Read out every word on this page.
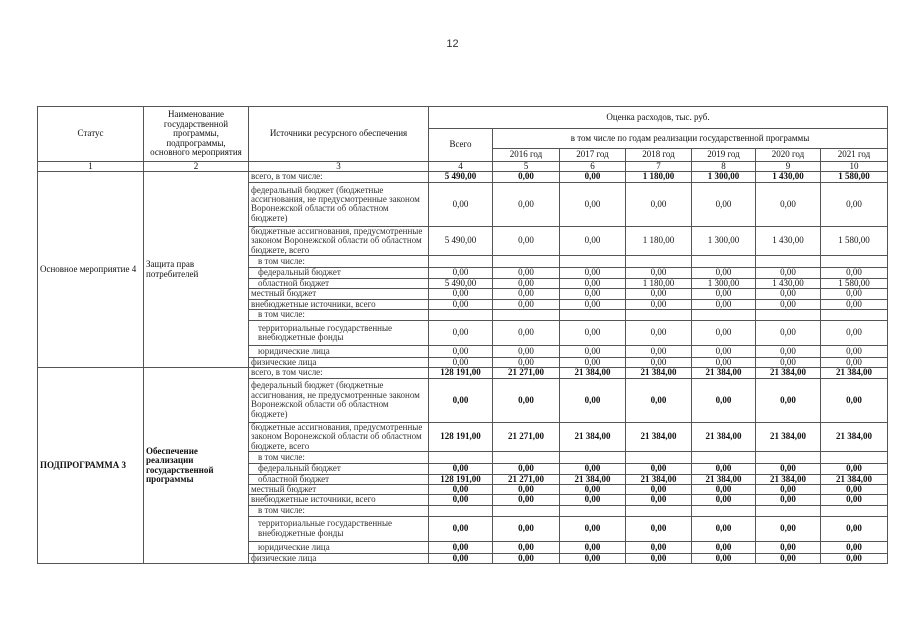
12
Статус	Наименование государственной программы, подпрограммы, основного мероприятия	Источники ресурсного обеспечения	Оценка расходов, тыс. руб.						
			Всего	в том числе по годам реализации государственной программы					
				2016 год	2017 год	2018 год	2019 год	2020 год	2021 год
1	2	3	4	5	6	7	8	9	10
Основное мероприятие 4	Защита прав потребителей	всего, в том числе:	5 490,00	0,00	0,00	1 180,00	1 300,00	1 430,00	1 580,00
		федеральный бюджет (бюджетные ассигнования, не предусмотренные законом Воронежской области об областном бюджете)	0,00	0,00	0,00	0,00	0,00	0,00	0,00
		бюджетные ассигнования, предусмотренные законом Воронежской области об областном бюджете, всего	5 490,00	0,00	0,00	1 180,00	1 300,00	1 430,00	1 580,00
		в том числе:							
		федеральный бюджет	0,00	0,00	0,00	0,00	0,00	0,00	0,00
		областной бюджет	5 490,00	0,00	0,00	1 180,00	1 300,00	1 430,00	1 580,00
		местный бюджет	0,00	0,00	0,00	0,00	0,00	0,00	0,00
		внебюджетные источники, всего	0,00	0,00	0,00	0,00	0,00	0,00	0,00
		в том числе:							
		территориальные государственные внебюджетные фонды	0,00	0,00	0,00	0,00	0,00	0,00	0,00
		юридические лица	0,00	0,00	0,00	0,00	0,00	0,00	0,00
		физические лица	0,00	0,00	0,00	0,00	0,00	0,00	0,00
ПОДПРОГРАММА 3	Обеспечение реализации государственной программы	всего, в том числе:	128 191,00	21 271,00	21 384,00	21 384,00	21 384,00	21 384,00	21 384,00
		федеральный бюджет (бюджетные ассигнования, не предусмотренные законом Воронежской области об областном бюджете)	0,00	0,00	0,00	0,00	0,00	0,00	0,00
		бюджетные ассигнования, предусмотренные законом Воронежской области об областном бюджете, всего	128 191,00	21 271,00	21 384,00	21 384,00	21 384,00	21 384,00	21 384,00
		в том числе:							
		федеральный бюджет	0,00	0,00	0,00	0,00	0,00	0,00	0,00
		областной бюджет	128 191,00	21 271,00	21 384,00	21 384,00	21 384,00	21 384,00	21 384,00
		местный бюджет	0,00	0,00	0,00	0,00	0,00	0,00	0,00
		внебюджетные источники, всего	0,00	0,00	0,00	0,00	0,00	0,00	0,00
		в том числе:							
		территориальные государственные внебюджетные фонды	0,00	0,00	0,00	0,00	0,00	0,00	0,00
		юридические лица	0,00	0,00	0,00	0,00	0,00	0,00	0,00
		физические лица	0,00	0,00	0,00	0,00	0,00	0,00	0,00
